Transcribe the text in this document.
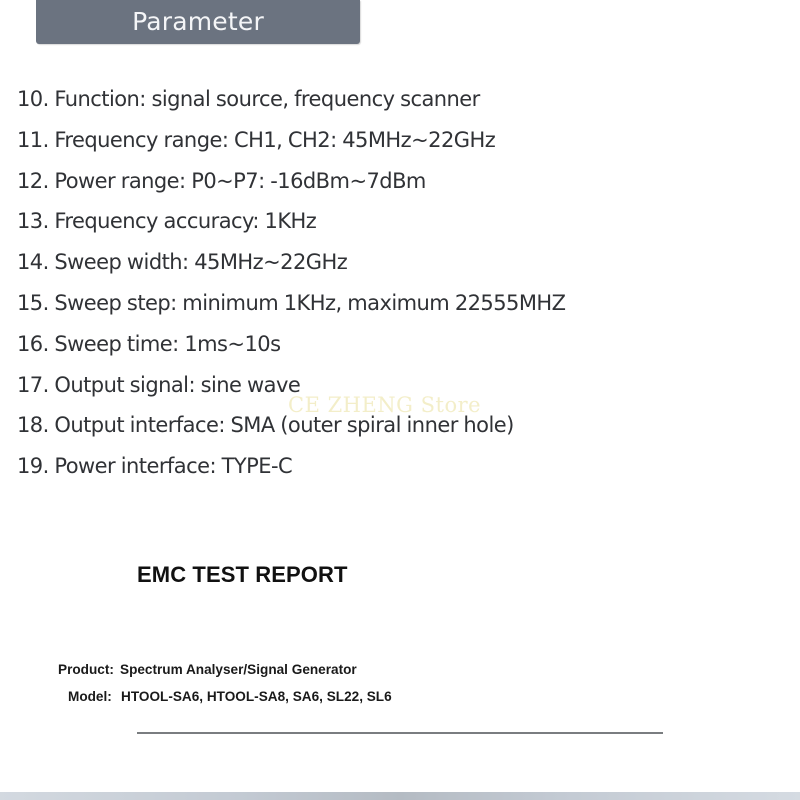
Parameter
10. Function: signal source, frequency scanner
11. Frequency range: CH1, CH2: 45MHz~22GHz
12. Power range: P0~P7: -16dBm~7dBm
13. Frequency accuracy: 1KHz
14. Sweep width: 45MHz~22GHz
15. Sweep step: minimum 1KHz, maximum 22555MHZ
16. Sweep time: 1ms~10s
17. Output signal: sine wave
18. Output interface: SMA (outer spiral inner hole)
19. Power interface: TYPE-C
CE ZHENG Store
EMC TEST REPORT
Product: Spectrum Analyser/Signal Generator
Model: HTOOL-SA6, HTOOL-SA8, SA6, SL22, SL6
